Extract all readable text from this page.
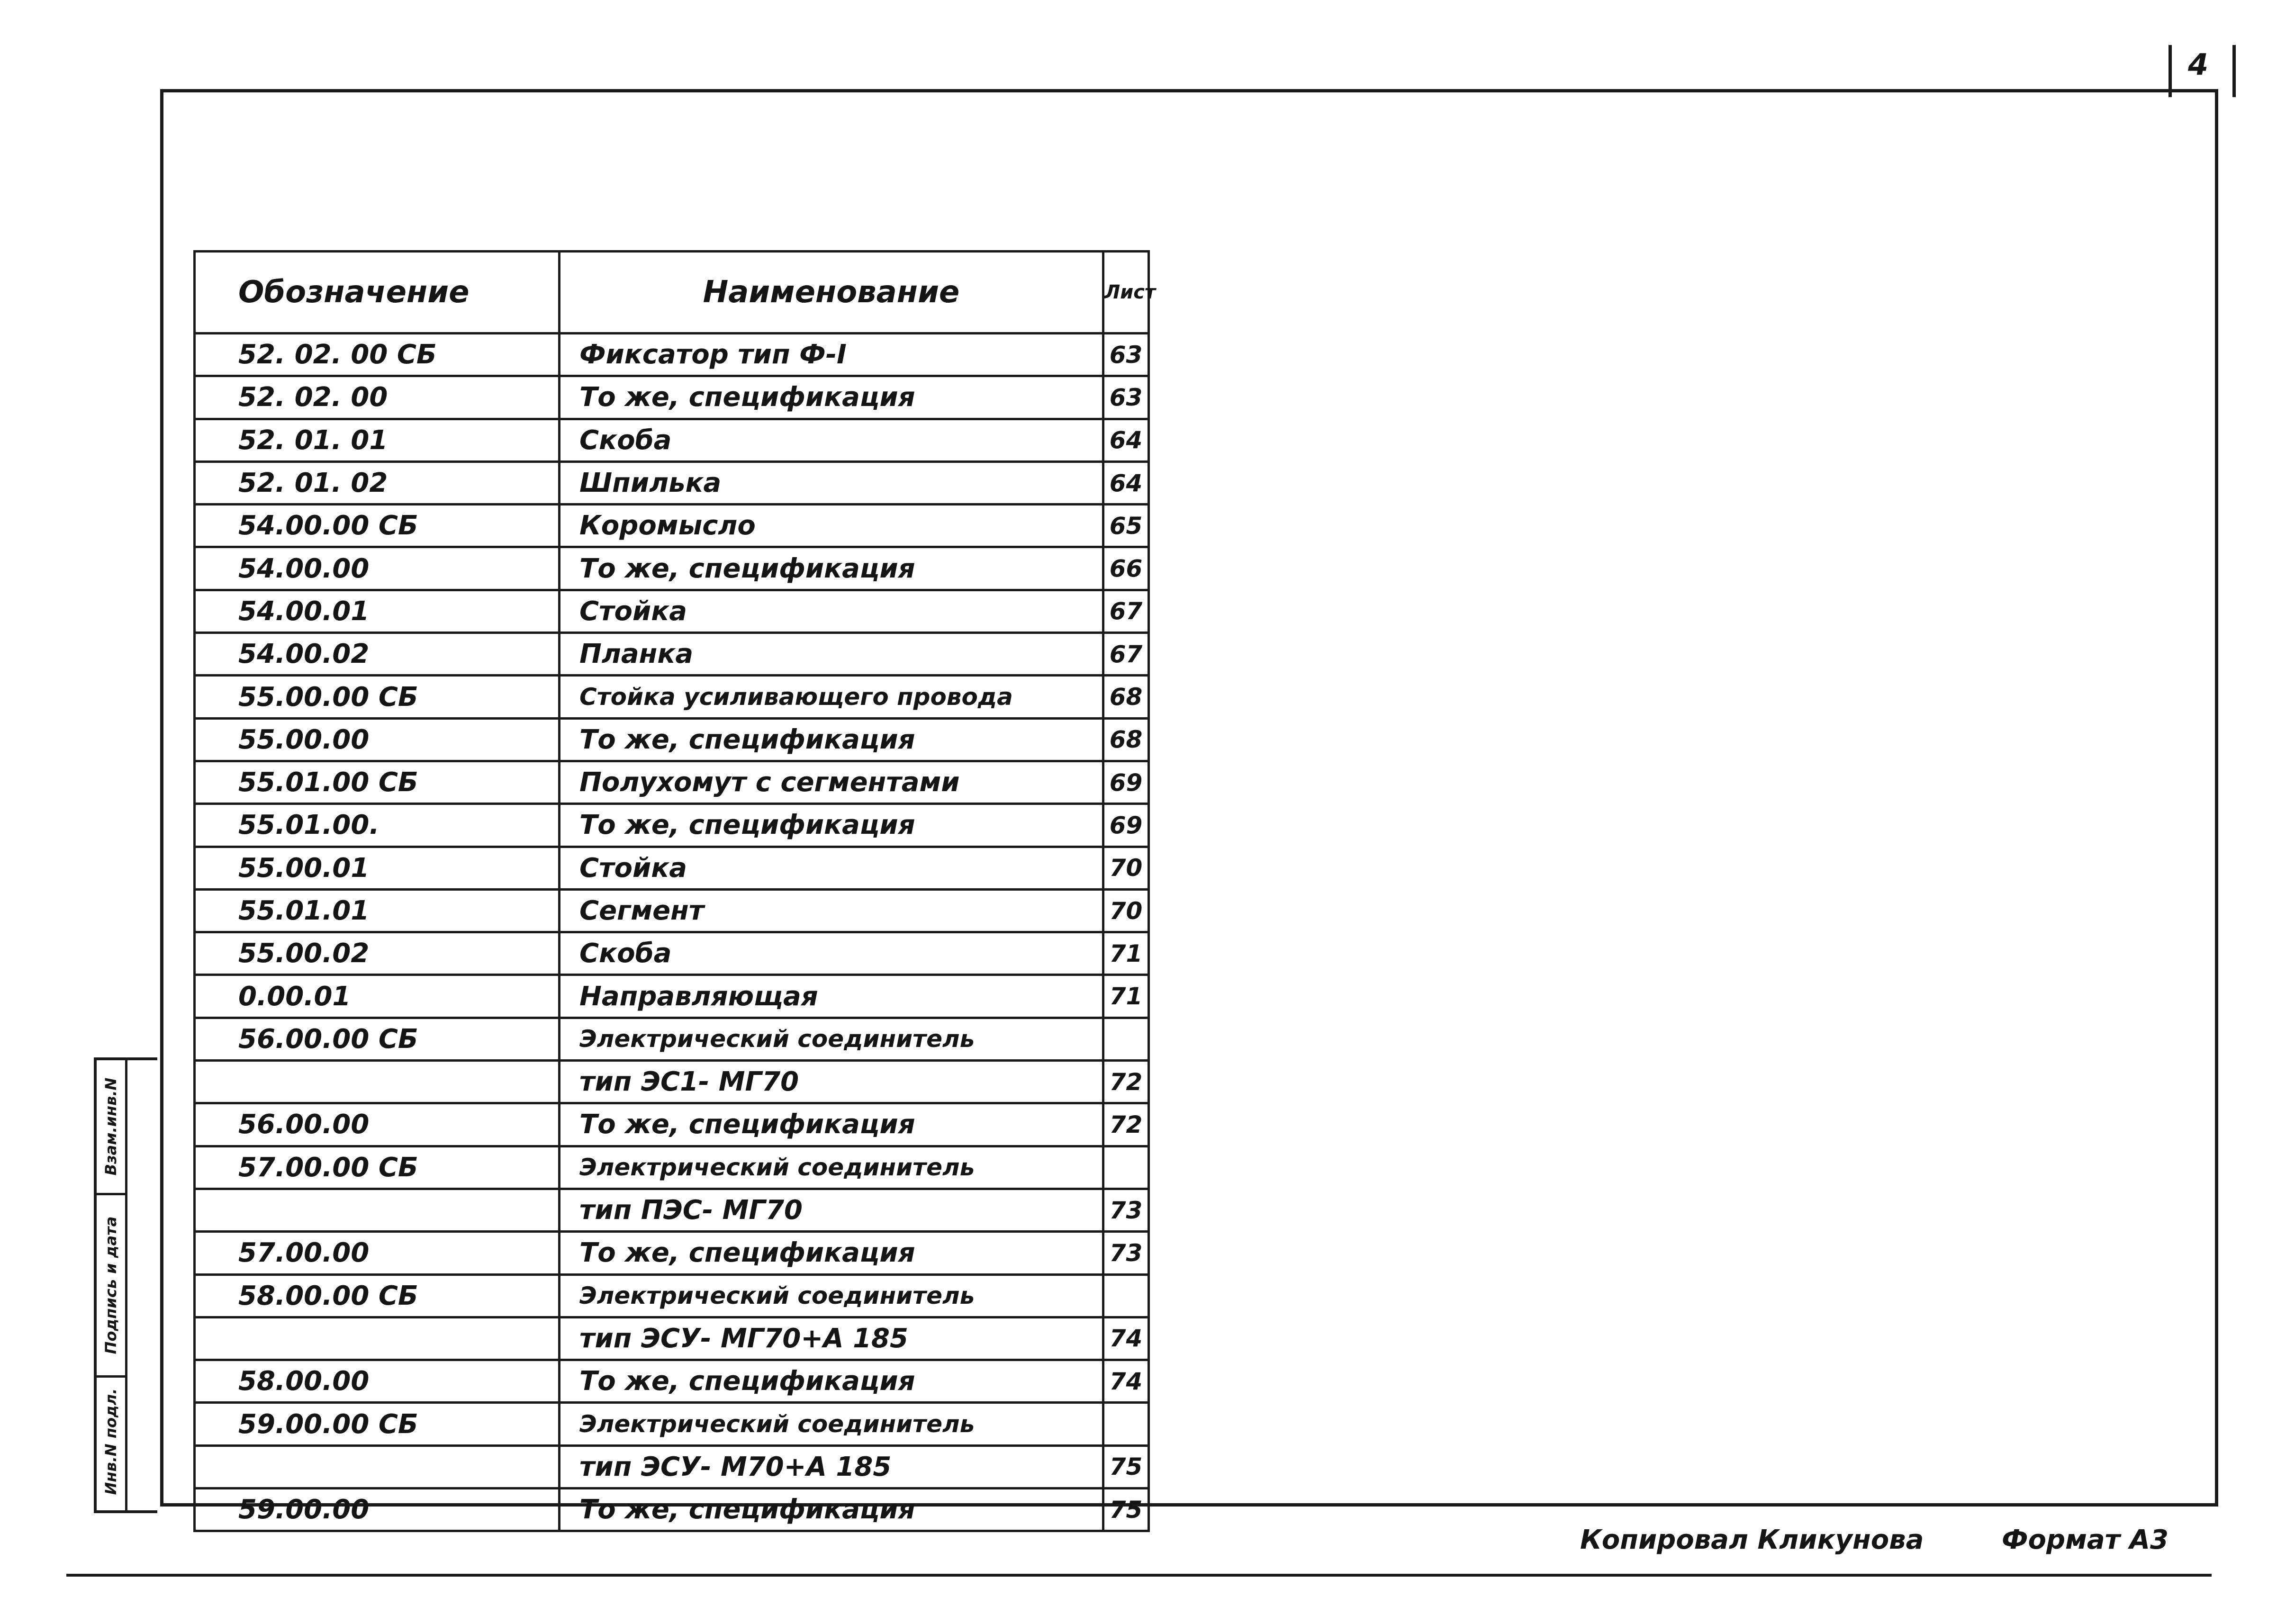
4
Взам.инв.N
Подпись и дата
Инв.N подл.
Обозначение	Наименование	Лист
52. 02. 00 СБ	Фиксатор тип Ф-I	63
52. 02. 00	То же, спецификация	63
52. 01. 01	Скоба	64
52. 01. 02	Шпилька	64
54.00.00 СБ	Коромысло	65
54.00.00	То же, спецификация	66
54.00.01	Стойка	67
54.00.02	Планка	67
55.00.00 СБ	Стойка усиливающего провода	68
55.00.00	То же, спецификация	68
55.01.00 СБ	Полухомут с сегментами	69
55.01.00.	То же, спецификация	69
55.00.01	Стойка	70
55.01.01	Сегмент	70
55.00.02	Скоба	71
0.00.01	Направляющая	71
56.00.00 СБ	Электрический соединитель	
	тип ЭС1- МГ70	72
56.00.00	То же, спецификация	72
57.00.00 СБ	Электрический соединитель	
	тип ПЭС- МГ70	73
57.00.00	То же, спецификация	73
58.00.00 СБ	Электрический соединитель	
	тип ЭСУ- МГ70+А 185	74
58.00.00	То же, спецификация	74
59.00.00 СБ	Электрический соединитель	
	тип ЭСУ- М70+А 185	75
59.00.00	То же, спецификация	75
Копировал Кликунова	Формат А3
